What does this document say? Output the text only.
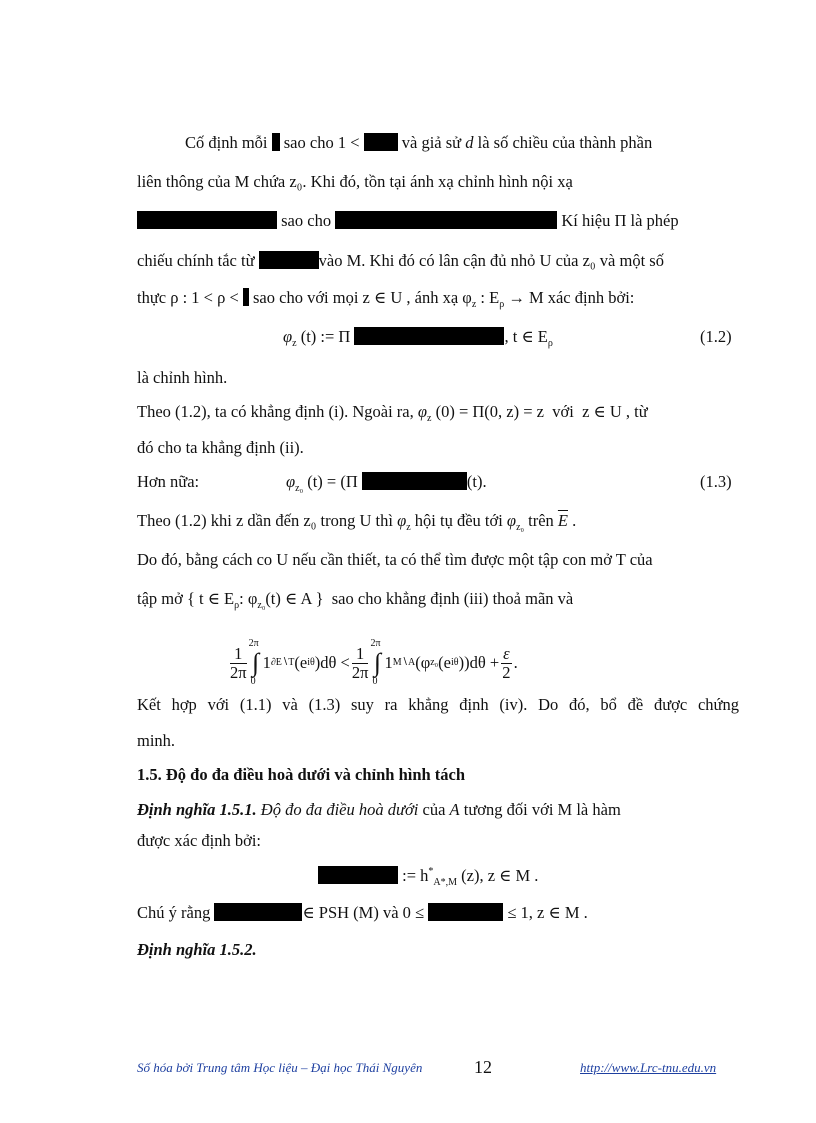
Cố định mỗi sao cho 1 <	và giả sử d là số chiều của thành phần
liên thông của M chứa z₀. Khi đó, tồn tại ánh xạ chỉnh hình nội xạ
sao cho	Kí hiệu Π là phép
chiếu chính tắc từ	vào M. Khi đó có lân cận đủ nhỏ U của z₀ và một số
thực ρ : 1 < ρ < sao cho với mọi z ∈ U , ánh xạ $\varphi_z$ : $E_\rho \to M$ xác định bởi:
$\varphi_z$ (t) := Π	, t ∈ $E_\rho$	(1.2)
là chỉnh hình.
Theo (1.2), ta có khẳng định (i). Ngoài ra, $\varphi_z$ (0) = Π(0, z) = z với z ∈ U , từ
đó cho ta khẳng định (ii).
Hơn nữa:	$\varphi_{z_0}$ (t) = (Π	(t).	(1.3)
Theo (1.2) khi z dần đến z₀ trong U thì $\varphi_z$ hội tụ đều tới $\varphi_{z_0}$ trên $\overline{E}$ .
Do đó, bằng cách co U nếu cần thiết, ta có thể tìm được một tập con mở T của
tập mở { t ∈ $E_\rho$: $\varphi_{z_0}(t)$ ∈ A } sao cho khẳng định (iii) thoả mãn và
$\frac{1}{2\pi}$
2π
∫
0
1 ∂E∖T (e iθ )$d\theta < \frac{1}{2\pi}$
2π
∫
0
1 M∖A (φ z₀ (e iθ ))$d\theta + \frac{\varepsilon}{2}$ .
Kết hợp với (1.1) và (1.3) suy ra khẳng định (iv). Do đó, bổ đề được chứng
minh.
1.5. Độ đo đa điều hoà dưới và chỉnh hình tách
Định nghĩa 1.5.1. Độ đo đa điều hoà dưới của A tương đối với M là hàm
được xác định bởi:
:= $h^*_{A*,M}$ (z), z ∈ M .
Chú ý rằng	∈ PSH (M) và 0 ≤	≤ 1, z ∈ M .
Định nghĩa 1.5.2.
Số hóa bởi Trung tâm Học liệu – Đại học Thái Nguyên	12	http://www.Lrc-tnu.edu.vn
